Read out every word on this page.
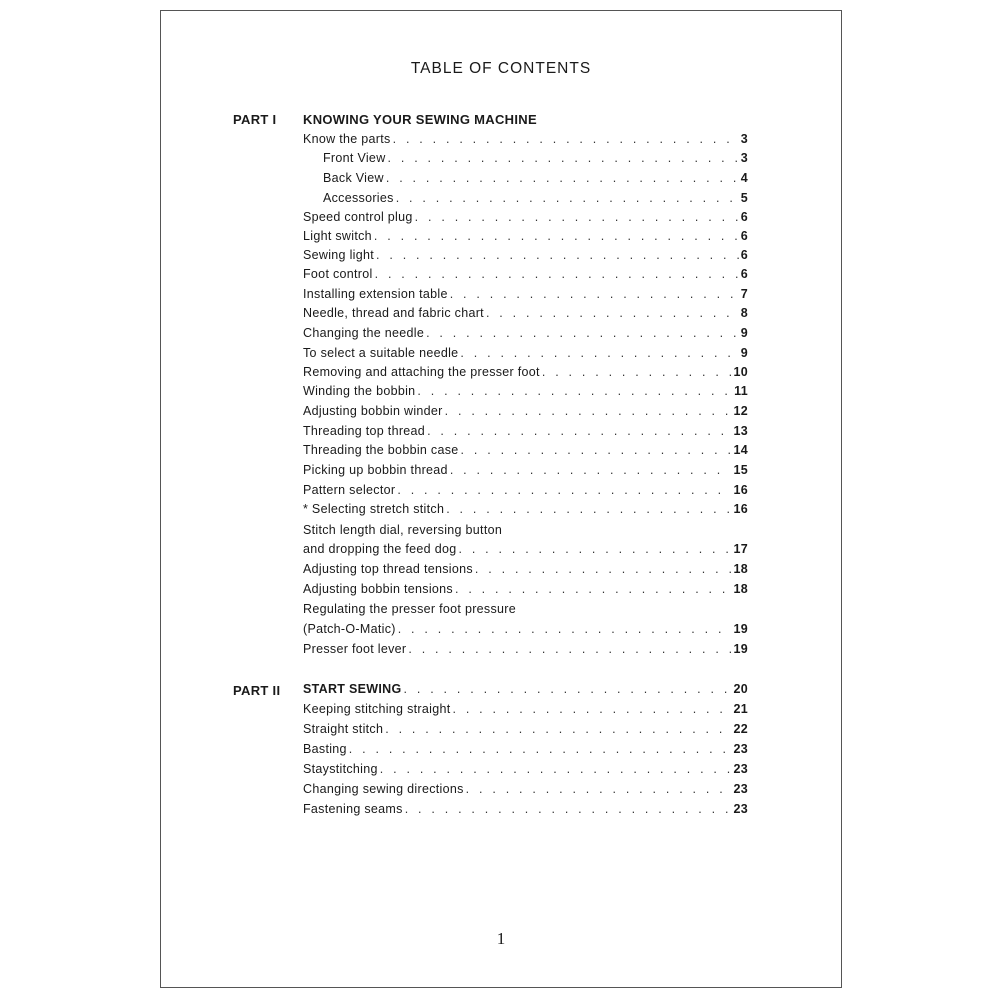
TABLE OF CONTENTS
PART I KNOWING YOUR SEWING MACHINE
Know the parts . . .	3
Front View . . .	3
Back View . . .	4
Accessories . . .	5
Speed control plug . . .	6
Light switch . . .	6
Sewing light . . .	6
Foot control . . .	6
Installing extension table . . .	7
Needle, thread and fabric chart . . .	8
Changing the needle . . .	9
To select a suitable needle . . .	9
Removing and attaching the presser foot . . .	10
Winding the bobbin . . .	11
Adjusting bobbin winder . . .	12
Threading top thread . . .	13
Threading the bobbin case . . .	14
Picking up bobbin thread . . .	15
Pattern selector . . .	16
* Selecting stretch stitch . . .	16
Stitch length dial, reversing button
and dropping the feed dog . . .	17
Adjusting top thread tensions . . .	18
Adjusting bobbin tensions . . .	18
Regulating the presser foot pressure
(Patch-O-Matic) . . .	19
Presser foot lever . . .	19
PART II START SEWING . . .	20
Keeping stitching straight . . .	21
Straight stitch . . .	22
Basting . . .	23
Staystitching . . .	23
Changing sewing directions . . .	23
Fastening seams . . .	23
1
